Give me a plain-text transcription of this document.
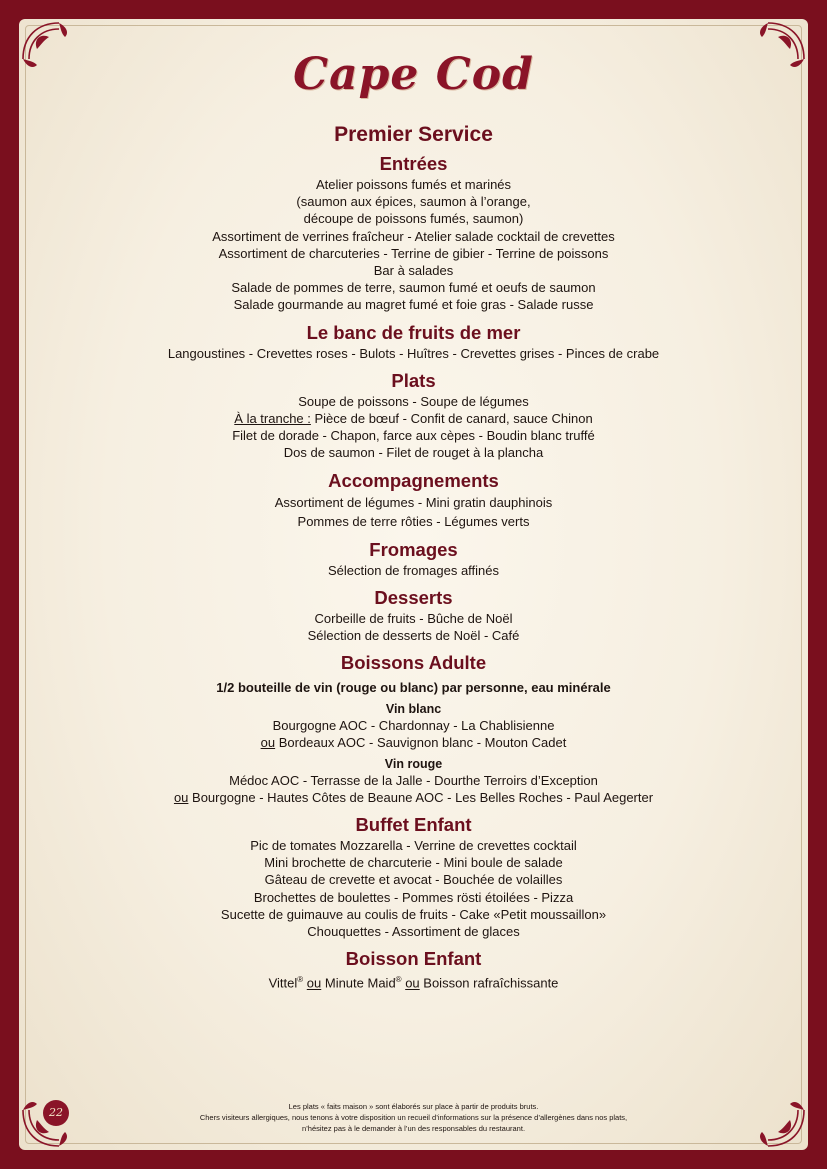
Cape Cod
Premier Service
Entrées
Atelier poissons fumés et marinés
(saumon aux épices, saumon à l’orange,
découpe de poissons fumés, saumon)
Assortiment de verrines fraîcheur - Atelier salade cocktail de crevettes
Assortiment de charcuteries - Terrine de gibier - Terrine de poissons
Bar à salades
Salade de pommes de terre, saumon fumé et oeufs de saumon
Salade gourmande au magret fumé et foie gras - Salade russe
Le banc de fruits de mer
Langoustines - Crevettes roses - Bulots - Huîtres - Crevettes grises - Pinces de crabe
Plats
Soupe de poissons - Soupe de légumes
À la tranche : Pièce de bœuf - Confit de canard, sauce Chinon
Filet de dorade - Chapon, farce aux cèpes - Boudin blanc truffé
Dos de saumon - Filet de rouget à la plancha
Accompagnements
Assortiment de légumes - Mini gratin dauphinois
Pommes de terre rôties - Légumes verts
Fromages
Sélection de fromages affinés
Desserts
Corbeille de fruits - Bûche de Noël
Sélection de desserts de Noël - Café
Boissons Adulte
1/2 bouteille de vin (rouge ou blanc) par personne, eau minérale
Vin blanc
Bourgogne AOC - Chardonnay - La Chablisienne
ou Bordeaux AOC - Sauvignon blanc - Mouton Cadet
Vin rouge
Médoc AOC - Terrasse de la Jalle - Dourthe Terroirs d’Exception
ou Bourgogne - Hautes Côtes de Beaune AOC - Les Belles Roches - Paul Aegerter
Buffet Enfant
Pic de tomates Mozzarella - Verrine de crevettes cocktail
Mini brochette de charcuterie - Mini boule de salade
Gâteau de crevette et avocat - Bouchée de volailles
Brochettes de boulettes - Pommes rösti étoilées - Pizza
Sucette de guimauve au coulis de fruits - Cake «Petit moussaillon»
Chouquettes - Assortiment de glaces
Boisson Enfant
Vittel® ou Minute Maid® ou Boisson rafraîchissante
22	Les plats « faits maison » sont élaborés sur place à partir de produits bruts.
Chers visiteurs allergiques, nous tenons à votre disposition un recueil d’informations sur la présence d’allergènes dans nos plats,
n’hésitez pas à le demander à l’un des responsables du restaurant.
